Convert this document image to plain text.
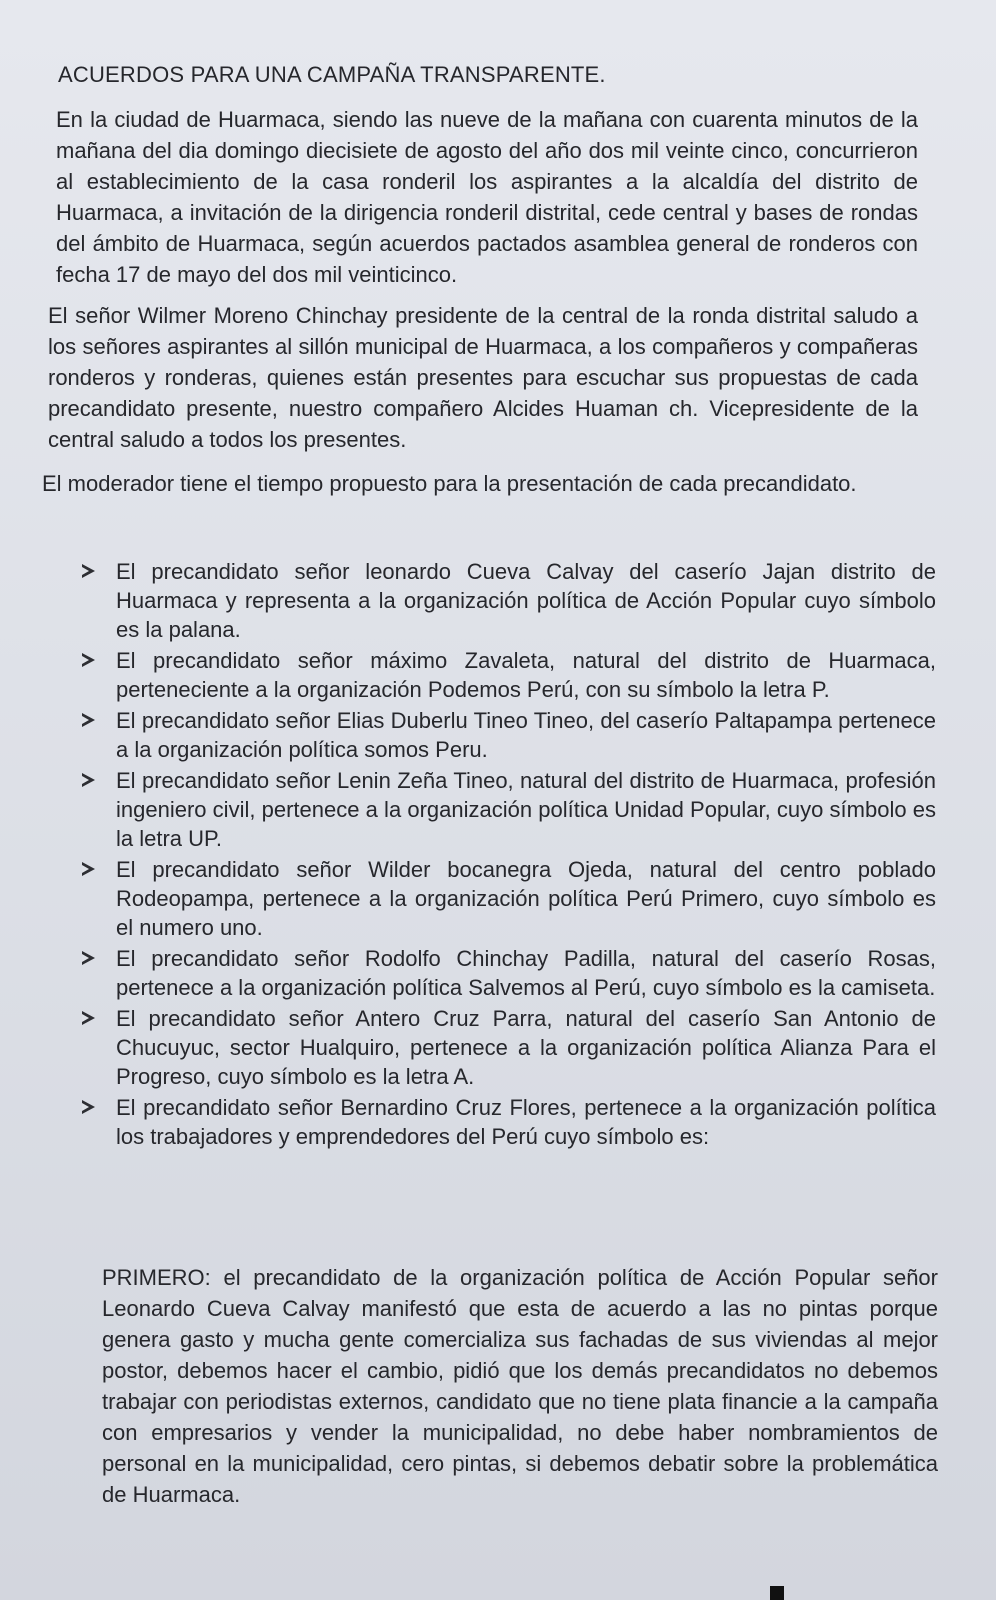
ACUERDOS PARA UNA CAMPAÑA TRANSPARENTE.

En la ciudad de Huarmaca, siendo las nueve de la mañana con cuarenta minutos de la mañana del dia domingo diecisiete de agosto del año dos mil veinte cinco, concurrieron al establecimiento de la casa ronderil los aspirantes a la alcaldía del distrito de Huarmaca, a invitación de la dirigencia ronderil distrital, cede central y bases de rondas del ámbito de Huarmaca, según acuerdos pactados asamblea general de ronderos con fecha 17 de mayo del dos mil veinticinco.

El señor Wilmer Moreno Chinchay presidente de la central de la ronda distrital saludo a los señores aspirantes al sillón municipal de Huarmaca, a los compañeros y compañeras ronderos y ronderas, quienes están presentes para escuchar sus propuestas de cada precandidato presente, nuestro compañero Alcides Huaman ch. Vicepresidente de la central saludo a todos los presentes.

El moderador tiene el tiempo propuesto para la presentación de cada precandidato.

El precandidato señor leonardo Cueva Calvay del caserío Jajan distrito de Huarmaca y representa a la organización política de Acción Popular cuyo símbolo es la palana.
El precandidato señor máximo Zavaleta, natural del distrito de Huarmaca, perteneciente a la organización Podemos Perú, con su símbolo la letra P.
El precandidato señor Elias Duberlu Tineo Tineo, del caserío Paltapampa pertenece a la organización política somos Peru.
El precandidato señor Lenin Zeña Tineo, natural del distrito de Huarmaca, profesión ingeniero civil, pertenece a la organización política Unidad Popular, cuyo símbolo es la letra UP.
El precandidato señor Wilder bocanegra Ojeda, natural del centro poblado Rodeopampa, pertenece a la organización política Perú Primero, cuyo símbolo es el numero uno.
El precandidato señor Rodolfo Chinchay Padilla, natural del caserío Rosas, pertenece a la organización política Salvemos al Perú, cuyo símbolo es la camiseta.
El precandidato señor Antero Cruz Parra, natural del caserío San Antonio de Chucuyuc, sector Hualquiro, pertenece a la organización política Alianza Para el Progreso, cuyo símbolo es la letra A.
El precandidato señor Bernardino Cruz Flores, pertenece a la organización política los trabajadores y emprendedores del Perú cuyo símbolo es:

PRIMERO: el precandidato de la organización política de Acción Popular señor Leonardo Cueva Calvay manifestó que esta de acuerdo a las no pintas porque genera gasto y mucha gente comercializa sus fachadas de sus viviendas al mejor postor, debemos hacer el cambio, pidió que los demás precandidatos no debemos trabajar con periodistas externos, candidato que no tiene plata financie a la campaña con empresarios y vender la municipalidad, no debe haber nombramientos de personal en la municipalidad, cero pintas, si debemos debatir sobre la problemática de Huarmaca.
